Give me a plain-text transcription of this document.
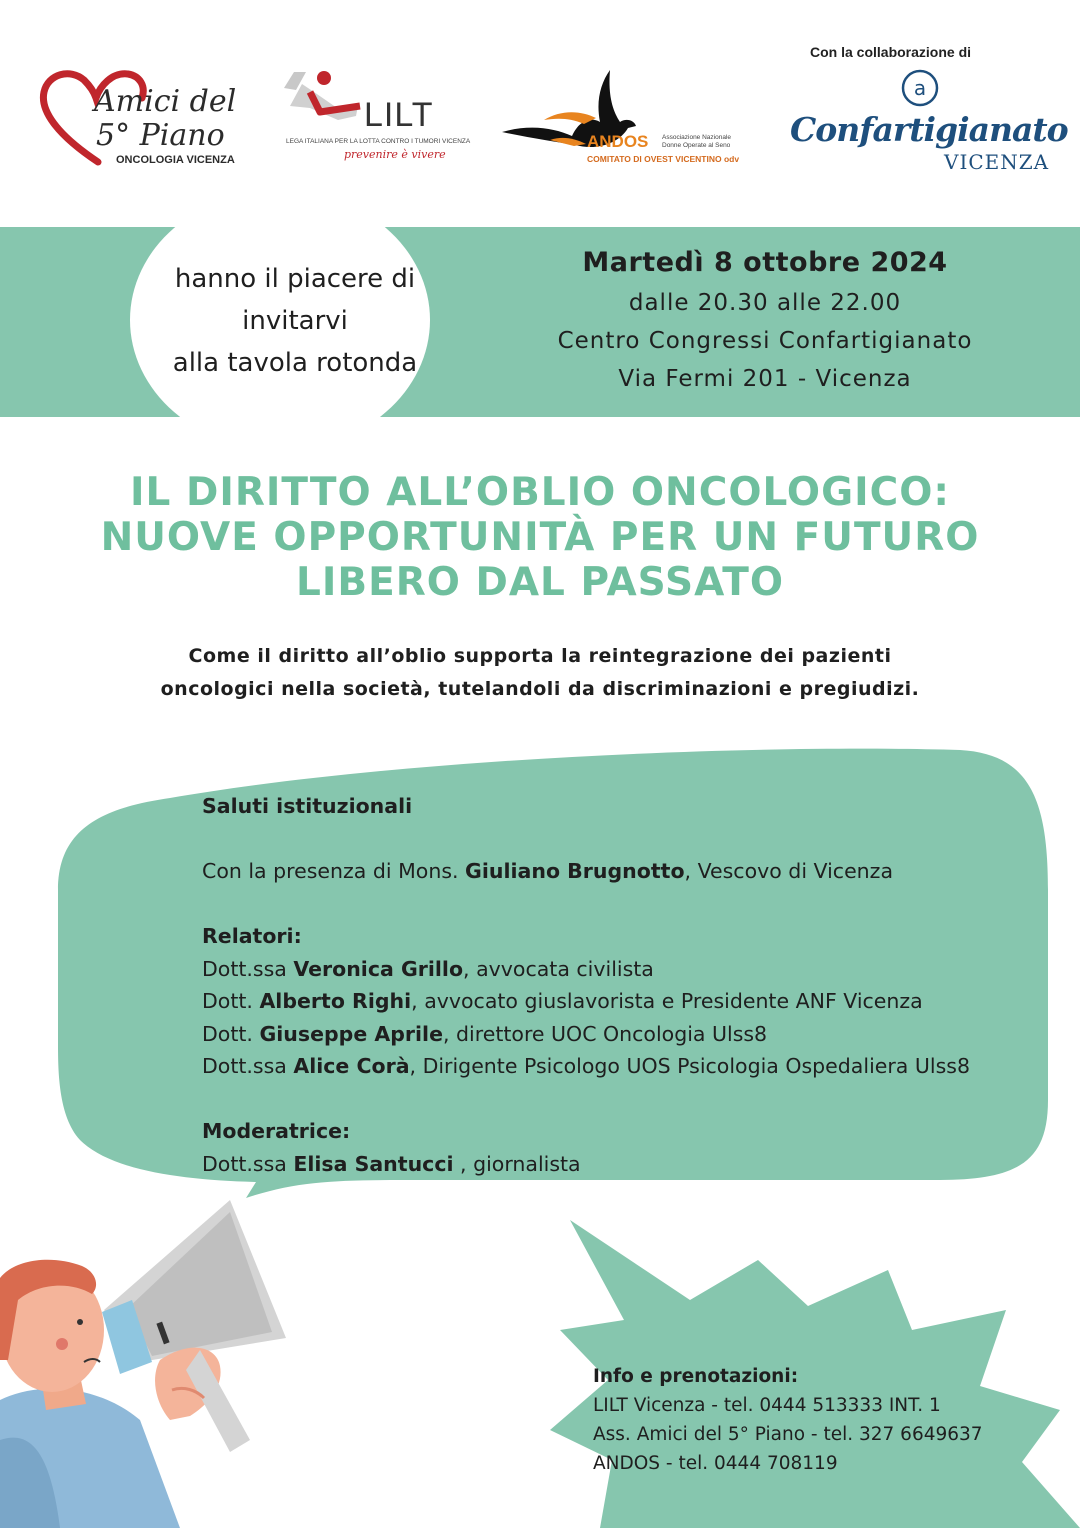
Amici del
5° Piano
ONCOLOGIA VICENZA
LILT
LEGA ITALIANA PER LA LOTTA CONTRO I TUMORI VICENZA
prevenire è vivere
ANDOS Associazione Nazionale Donne Operate al Seno
COMITATO DI OVEST VICENTINO odv
Con la collaborazione di
a
Confartigianato
VICENZA
hanno il piacere di
invitarvi
alla tavola rotonda
Martedì 8 ottobre 2024
dalle 20.30 alle 22.00
Centro Congressi Confartigianato
Via Fermi 201 - Vicenza
IL DIRITTO ALL’OBLIO ONCOLOGICO:
NUOVE OPPORTUNITÀ PER UN FUTURO
LIBERO DAL PASSATO
Come il diritto all’oblio supporta la reintegrazione dei pazienti
oncologici nella società, tutelandoli da discriminazioni e pregiudizi.
Saluti istituzionali
Con la presenza di Mons. Giuliano Brugnotto, Vescovo di Vicenza
Relatori:
Dott.ssa Veronica Grillo, avvocata civilista
Dott. Alberto Righi, avvocato giuslavorista e Presidente ANF Vicenza
Dott. Giuseppe Aprile, direttore UOC Oncologia Ulss8
Dott.ssa Alice Corà, Dirigente Psicologo UOS Psicologia Ospedaliera Ulss8
Moderatrice:
Dott.ssa Elisa Santucci , giornalista
Info e prenotazioni:
LILT Vicenza - tel. 0444 513333 INT. 1
Ass. Amici del 5° Piano - tel. 327 6649637
ANDOS - tel. 0444 708119
